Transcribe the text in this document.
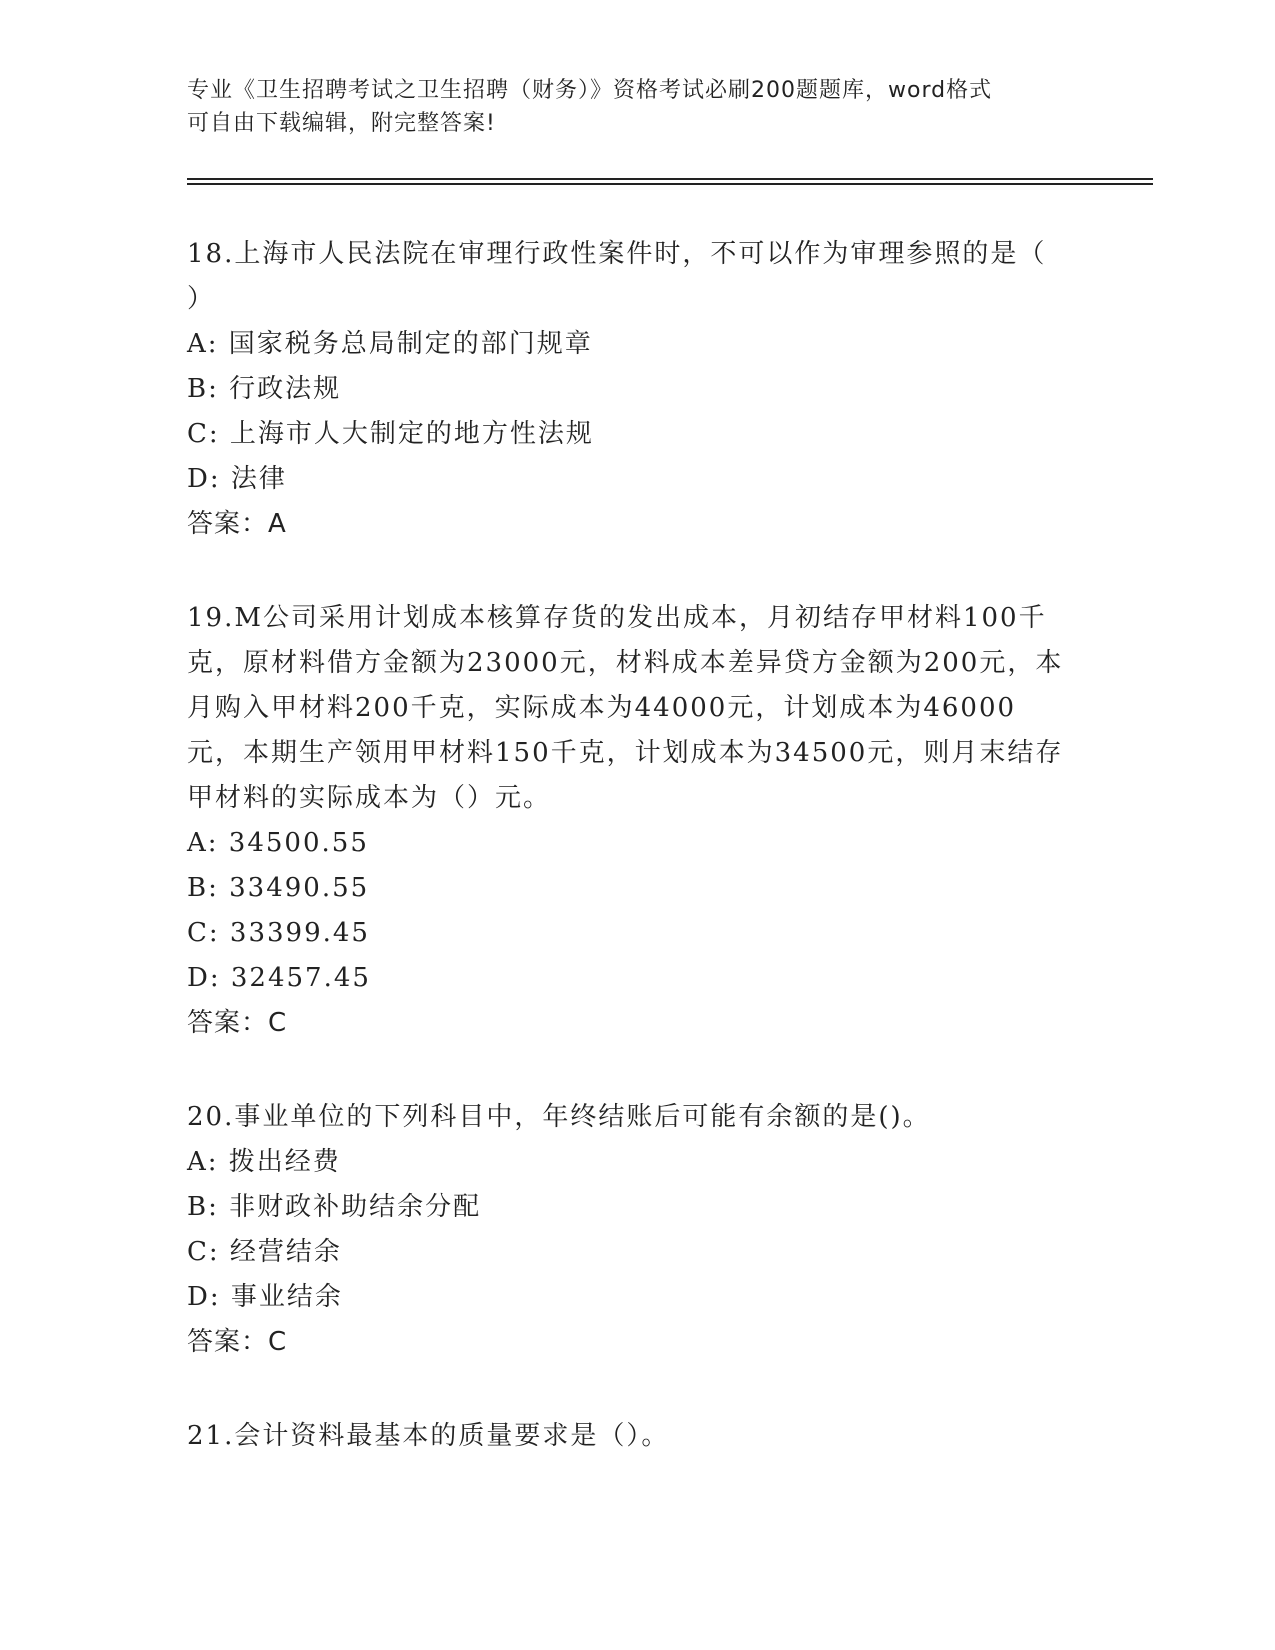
专业《卫生招聘考试之卫生招聘（财务）》资格考试必刷200题题库，word格式
可自由下载编辑，附完整答案!
18.上海市人民法院在审理行政性案件时，不可以作为审理参照的是（ ）
A: 国家税务总局制定的部门规章
B: 行政法规
C: 上海市人大制定的地方性法规
D: 法律
答案：A
19.M公司采用计划成本核算存货的发出成本，月初结存甲材料100千克，原材料借方金额为23000元，材料成本差异贷方金额为200元，本月购入甲材料200千克，实际成本为44000元，计划成本为46000元，本期生产领用甲材料150千克，计划成本为34500元，则月末结存甲材料的实际成本为（）元。
A: 34500.55
B: 33490.55
C: 33399.45
D: 32457.45
答案：C
20.事业单位的下列科目中，年终结账后可能有余额的是()。
A: 拨出经费
B: 非财政补助结余分配
C: 经营结余
D: 事业结余
答案：C
21.会计资料最基本的质量要求是（）。
